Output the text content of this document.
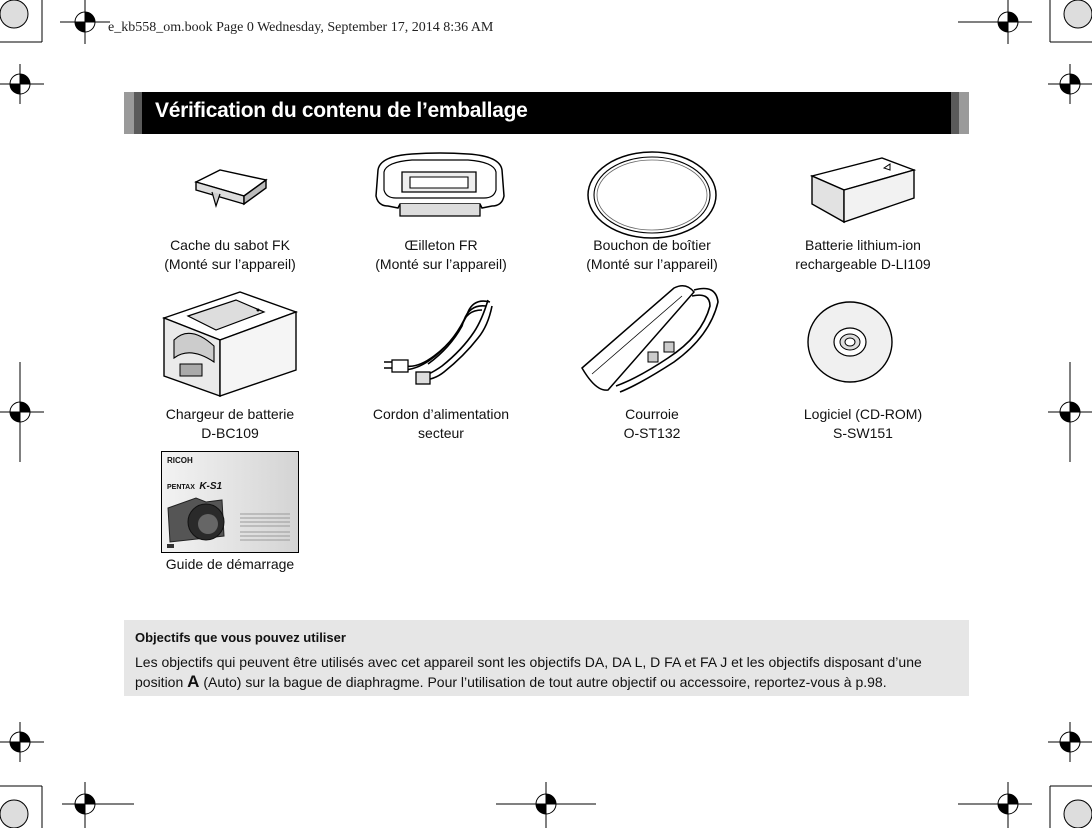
e_kb558_om.book Page 0 Wednesday, September 17, 2014 8:36 AM
Vérification du contenu de l’emballage
Cache du sabot FK
(Monté sur l’appareil)
Œilleton FR
(Monté sur l’appareil)
Bouchon de boîtier
(Monté sur l’appareil)
Batterie lithium-ion
rechargeable D-LI109
Chargeur de batterie
D-BC109
Cordon d’alimentation
secteur
Courroie
O-ST132
Logiciel (CD-ROM)
S-SW151
RICOH
PENTAX K-S1
Guide de démarrage
Objectifs que vous pouvez utiliser
Les objectifs qui peuvent être utilisés avec cet appareil sont les objectifs DA, DA L, D FA et FA J et les objectifs disposant d’une
position A (Auto) sur la bague de diaphragme. Pour l’utilisation de tout autre objectif ou accessoire, reportez-vous à p.98.
